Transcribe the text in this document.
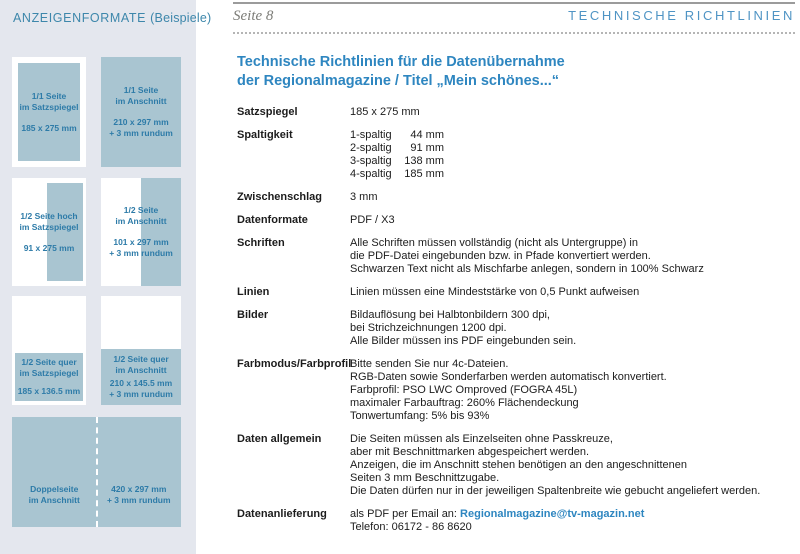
ANZEIGENFORMATE (Beispiele)
1/1 Seite
im Satzspiegel
185 x 275 mm
1/1 Seite
im Anschnitt
210 x 297 mm
+ 3 mm rundum
1/2 Seite hoch
im Satzspiegel
91 x 275 mm
1/2 Seite
im Anschnitt
101 x 297 mm
+ 3 mm rundum
1/2 Seite quer
im Satzspiegel
185 x 136.5 mm
1/2 Seite quer
im Anschnitt
210 x 145.5 mm
+ 3 mm rundum
Doppelseite
im Anschnitt
420 x 297 mm
+ 3 mm rundum
Seite 8	TECHNISCHE RICHTLINIEN
Technische Richtlinien für die Datenübernahme
der Regionalmagazine / Titel „Mein schönes...“
Satzspiegel	185 x 275 mm
Spaltigkeit	1-spaltig 44 mm
2-spaltig 91 mm
3-spaltig 138 mm
4-spaltig 185 mm
Zwischenschlag	3 mm
Datenformate	PDF / X3
Schriften	Alle Schriften müssen vollständig (nicht als Untergruppe) in
die PDF-Datei eingebunden bzw. in Pfade konvertiert werden.
Schwarzen Text nicht als Mischfarbe anlegen, sondern in 100% Schwarz
Linien	Linien müssen eine Mindeststärke von 0,5 Punkt aufweisen
Bilder	Bildauflösung bei Halbtonbildern 300 dpi,
bei Strichzeichnungen 1200 dpi.
Alle Bilder müssen ins PDF eingebunden sein.
Farbmodus/Farbprofil
Bitte senden Sie nur 4c-Dateien.
RGB-Daten sowie Sonderfarben werden automatisch konvertiert.
Farbprofil: PSO LWC Omproved (FOGRA 45L)
maximaler Farbauftrag: 260% Flächendeckung
Tonwertumfang: 5% bis 93%
Daten allgemein	Die Seiten müssen als Einzelseiten ohne Passkreuze,
aber mit Beschnittmarken abgespeichert werden.
Anzeigen, die im Anschnitt stehen benötigen an den angeschnittenen
Seiten 3 mm Beschnittzugabe.
Die Daten dürfen nur in der jeweiligen Spaltenbreite wie gebucht angeliefert werden.
Datenanlieferung	als PDF per Email an: Regionalmagazine@tv-magazin.net
Telefon: 06172 - 86 8620
